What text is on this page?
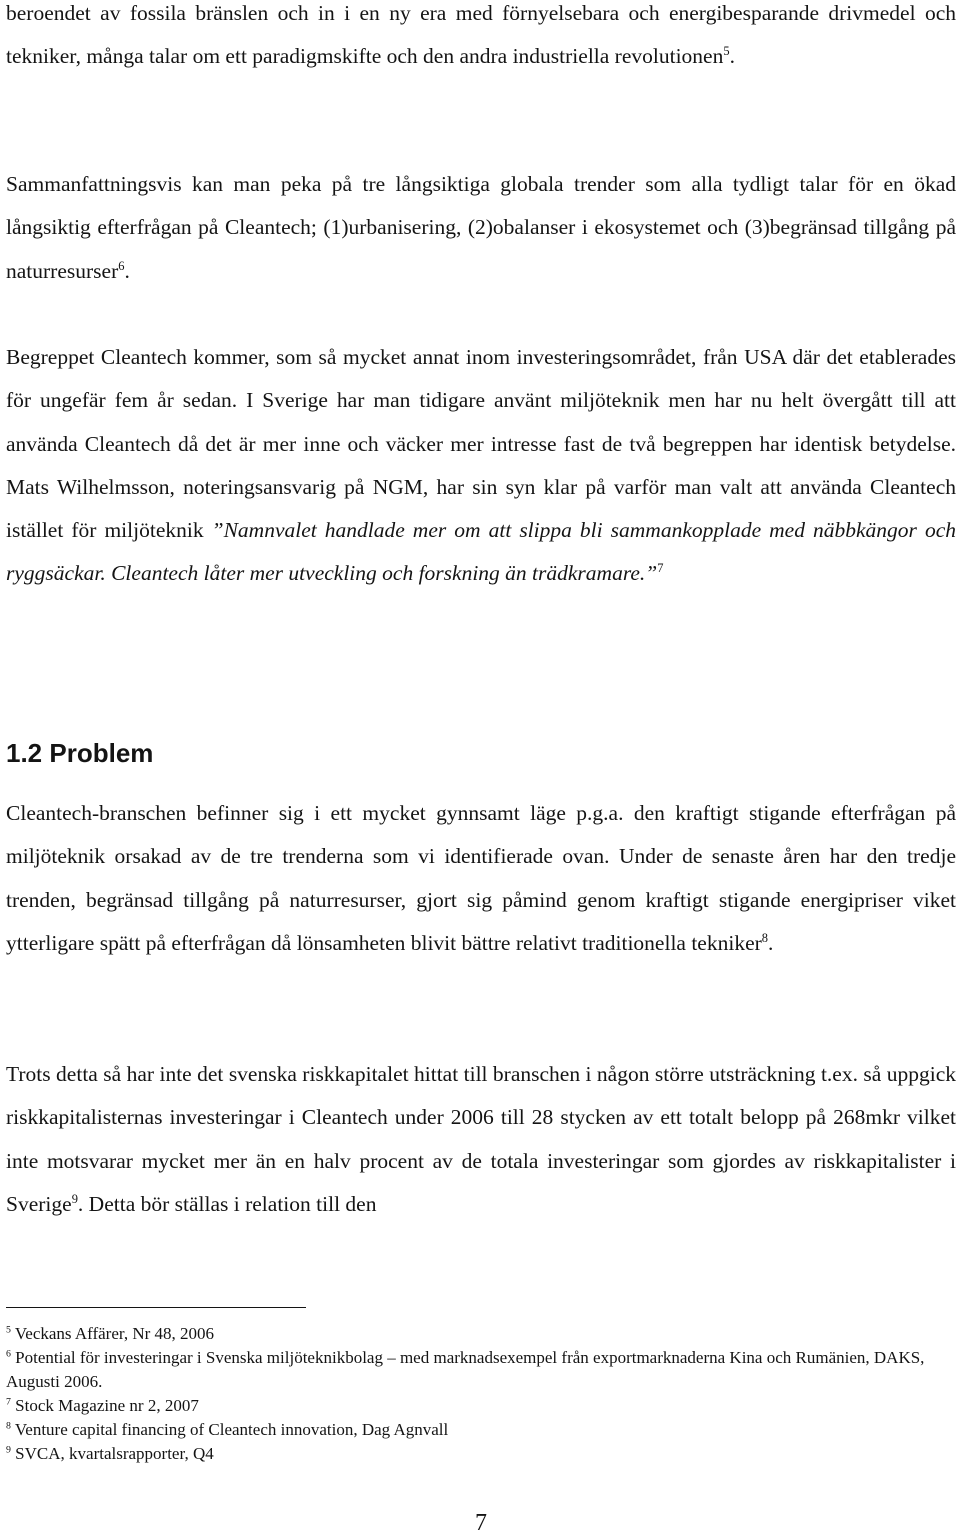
beroendet av fossila bränslen och in i en ny era med förnyelsebara och energibesparande drivmedel och tekniker, många talar om ett paradigmskifte och den andra industriella revolutionen$^5$.

Sammanfattningsvis kan man peka på tre långsiktiga globala trender som alla tydligt talar för en ökad långsiktig efterfrågan på Cleantech; (1)urbanisering, (2)obalanser i ekosystemet och (3)begränsad tillgång på naturresurser$^6$.

Begreppet Cleantech kommer, som så mycket annat inom investeringsområdet, från USA där det etablerades för ungefär fem år sedan. I Sverige har man tidigare använt miljöteknik men har nu helt övergått till att använda Cleantech då det är mer inne och väcker mer intresse fast de två begreppen har identisk betydelse. Mats Wilhelmsson, noteringsansvarig på NGM, har sin syn klar på varför man valt att använda Cleantech istället för miljöteknik ”Namnvalet handlade mer om att slippa bli sammankopplade med näbbkängor och ryggsäckar. Cleantech låter mer utveckling och forskning än trädkramare.”$^7$

1.2 Problem

Cleantech-branschen befinner sig i ett mycket gynnsamt läge p.g.a. den kraftigt stigande efterfrågan på miljöteknik orsakad av de tre trenderna som vi identifierade ovan. Under de senaste åren har den tredje trenden, begränsad tillgång på naturresurser, gjort sig påmind genom kraftigt stigande energipriser viket ytterligare spätt på efterfrågan då lönsamheten blivit bättre relativt traditionella tekniker$^8$.

Trots detta så har inte det svenska riskkapitalet hittat till branschen i någon större utsträckning t.ex. så uppgick riskkapitalisternas investeringar i Cleantech under 2006 till 28 stycken av ett totalt belopp på 268mkr vilket inte motsvarar mycket mer än en halv procent av de totala investeringar som gjordes av riskkapitalister i Sverige$^9$. Detta bör ställas i relation till den

$^5$ Veckans Affärer, Nr 48, 2006

$^6$ Potential för investeringar i Svenska miljöteknikbolag – med marknadsexempel från exportmarknaderna Kina och Rumänien, DAKS, Augusti 2006.

$^7$ Stock Magazine nr 2, 2007

$^8$ Venture capital financing of Cleantech innovation, Dag Agnvall

$^9$ SVCA, kvartalsrapporter, Q4

7
